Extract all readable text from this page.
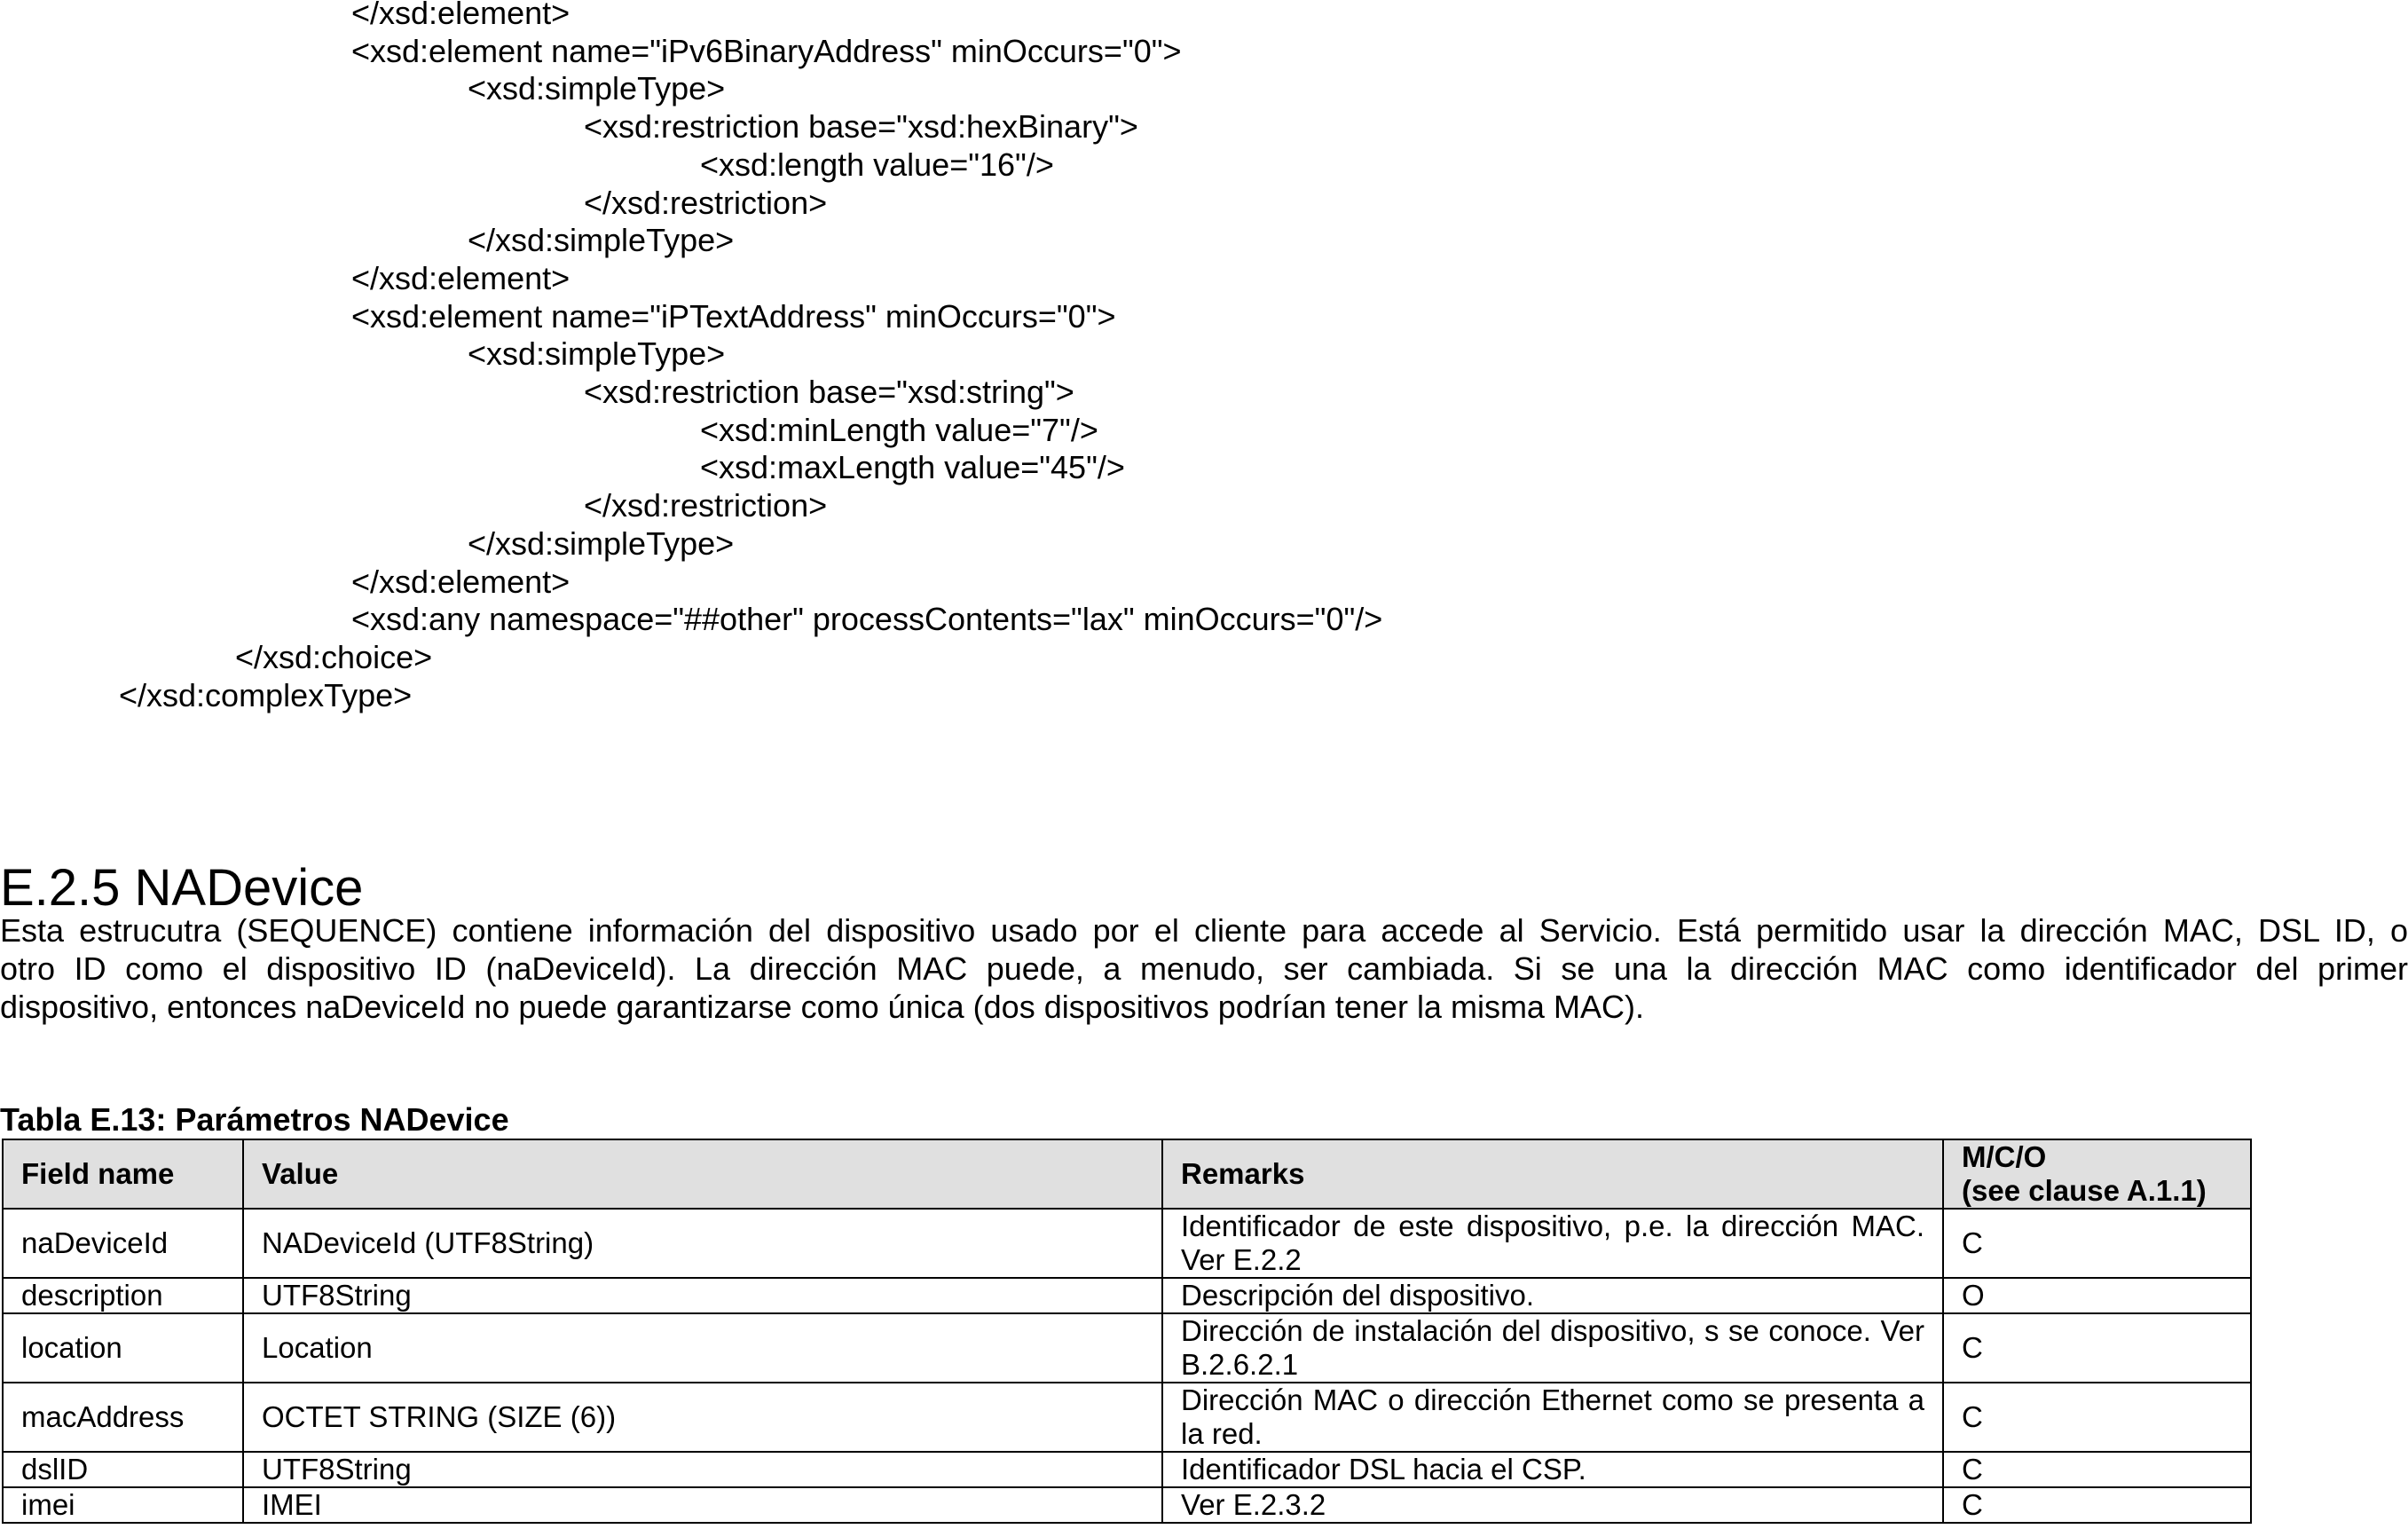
</xsd:element>
<xsd:element name="iPv6BinaryAddress" minOccurs="0">
<xsd:simpleType>
<xsd:restriction base="xsd:hexBinary">
<xsd:length value="16"/>
</xsd:restriction>
</xsd:simpleType>
</xsd:element>
<xsd:element name="iPTextAddress" minOccurs="0">
<xsd:simpleType>
<xsd:restriction base="xsd:string">
<xsd:minLength value="7"/>
<xsd:maxLength value="45"/>
</xsd:restriction>
</xsd:simpleType>
</xsd:element>
<xsd:any namespace="##other" processContents="lax" minOccurs="0"/>
</xsd:choice>
</xsd:complexType>
E.2.5 NADevice
Esta estrucutra (SEQUENCE) contiene información del dispositivo usado por el cliente para accede al Servicio. Está permitido usar la dirección MAC, DSL ID, o
otro ID como el dispositivo ID (naDeviceId). La dirección MAC puede, a menudo, ser cambiada. Si se una la dirección MAC como identificador del primer
dispositivo, entonces naDeviceId no puede garantizarse como única (dos dispositivos podrían tener la misma MAC).
Tabla E.13: Parámetros NADevice
Field name	Value	Remarks	M/C/O
(see clause A.1.1)
naDeviceId	NADeviceId (UTF8String)	Identificador de este dispositivo, p.e. la dirección MAC. Ver E.2.2	C
description	UTF8String	Descripción del dispositivo.	O
location	Location	Dirección de instalación del dispositivo, s se conoce. Ver B.2.6.2.1	C
macAddress	OCTET STRING (SIZE (6))	Dirección MAC o dirección Ethernet como se presenta a la red.	C
dslID	UTF8String	Identificador DSL hacia el CSP.	C
imei	IMEI	Ver E.2.3.2	C
